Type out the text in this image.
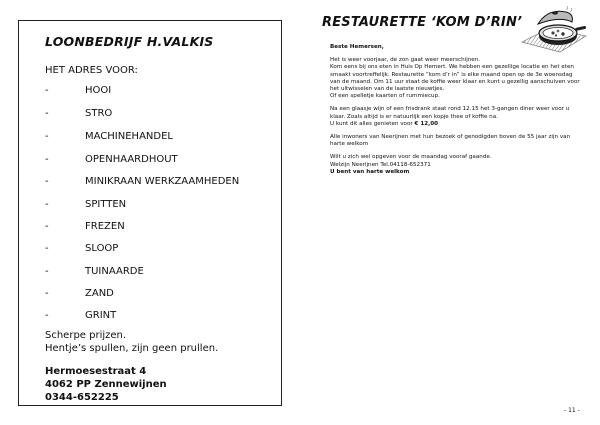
LOONBEDRIJF H.VALKIS
HET ADRES VOOR:
-	HOOI
-	STRO
-	MACHINEHANDEL
-	OPENHAARDHOUT
-	MINIKRAAN WERKZAAMHEDEN
-	SPITTEN
-	FREZEN
-	SLOOP
-	TUINAARDE
-	ZAND
-	GRINT
Scherpe prijzen.
Hentje’s spullen, zijn geen prullen.
Hermoesestraat 4
4062 PP Zennewijnen
0344-652225
RESTAURETTE ‘KOM D’RIN’

Beste Hemersen,

Het is weer voorjaar, de zon gaat weer meerschijnen.

Kom eens bij ons eten in Huis Op Hemert. We hebben een gezellige locatie en het eten smaakt voortreffelijk. Restaurette “kom d’r in” is elke maand open op de 3e woensdag van de maand. Om 11 uur staat de koffie weer klaar en kunt u gezellig aanschuiven voor het uitwisselen van de laatste nieuwtjes.

Of een spelletje kaarten of rummiecup.

Na een glaasje wijn of een frisdrank staat rond 12.15 het 3-gangen diner weer voor u klaar. Zoals altijd is er natuurlijk een kopje thee of koffie na.

U kunt dit alles genieten voor € 12,00

Alle inwoners van Neerijnen met hun bezoek of genodigden boven de 55 jaar zijn van harte welkom

Wilt u zich wel opgeven voor de maandag vooraf gaande.

Welzijn Neerijnen Tel.04118-652371

U bent van harte welkom

- 11 -
